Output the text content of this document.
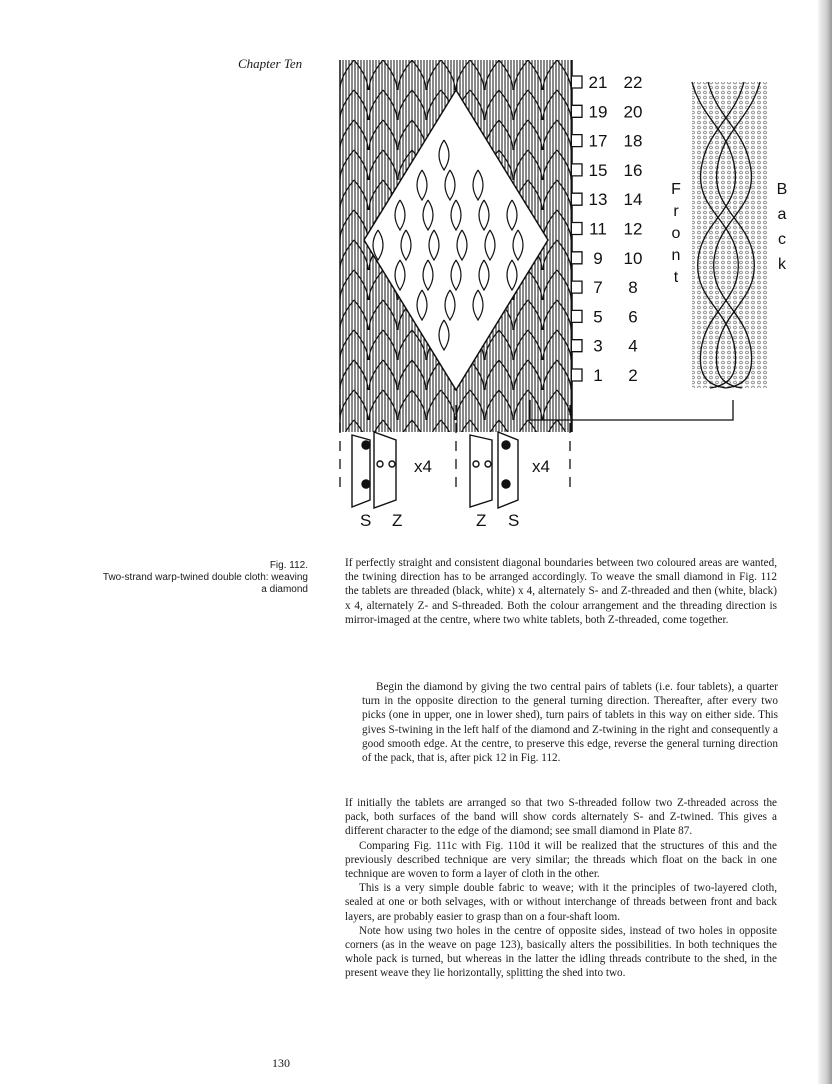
Chapter Ten
21 22
19 20
17 18
15 16
13 14
11 12
9 10
7 8
5 6
3 4
1 2
F
r
o
n
t
B
a
c
k
x4
S Z
x4
Z S
Fig. 112.
Two-strand warp-twined double cloth: weaving a diamond

If perfectly straight and consistent diagonal boundaries between two coloured areas are wanted, the twining direction has to be arranged accordingly. To weave the small diamond in Fig. 112 the tablets are threaded (black, white) x 4, alternately S- and Z-threaded and then (white, black) x 4, alternately Z- and S-threaded. Both the colour arrangement and the threading direction is mirror-imaged at the centre, where two white tablets, both Z-threaded, come together.

Begin the diamond by giving the two central pairs of tablets (i.e. four tablets), a quarter turn in the opposite direction to the general turning direction. Thereafter, after every two picks (one in upper, one in lower shed), turn pairs of tablets in this way on either side. This gives S-twining in the left half of the diamond and Z-twining in the right and consequently a good smooth edge. At the centre, to preserve this edge, reverse the general turning direction of the pack, that is, after pick 12 in Fig. 112.

If initially the tablets are arranged so that two S-threaded follow two Z-threaded across the pack, both surfaces of the band will show cords alternately S- and Z-twined. This gives a different character to the edge of the diamond; see small diamond in Plate 87.

Comparing Fig. 111c with Fig. 110d it will be realized that the structures of this and the previously described technique are very similar; the threads which float on the back in one technique are woven to form a layer of cloth in the other.

This is a very simple double fabric to weave; with it the principles of two-layered cloth, sealed at one or both selvages, with or without interchange of threads between front and back layers, are probably easier to grasp than on a four-shaft loom.

Note how using two holes in the centre of opposite sides, instead of two holes in opposite corners (as in the weave on page 123), basically alters the possibilities. In both techniques the whole pack is turned, but whereas in the latter the idling threads contribute to the shed, in the present weave they lie horizontally, splitting the shed into two.

130
